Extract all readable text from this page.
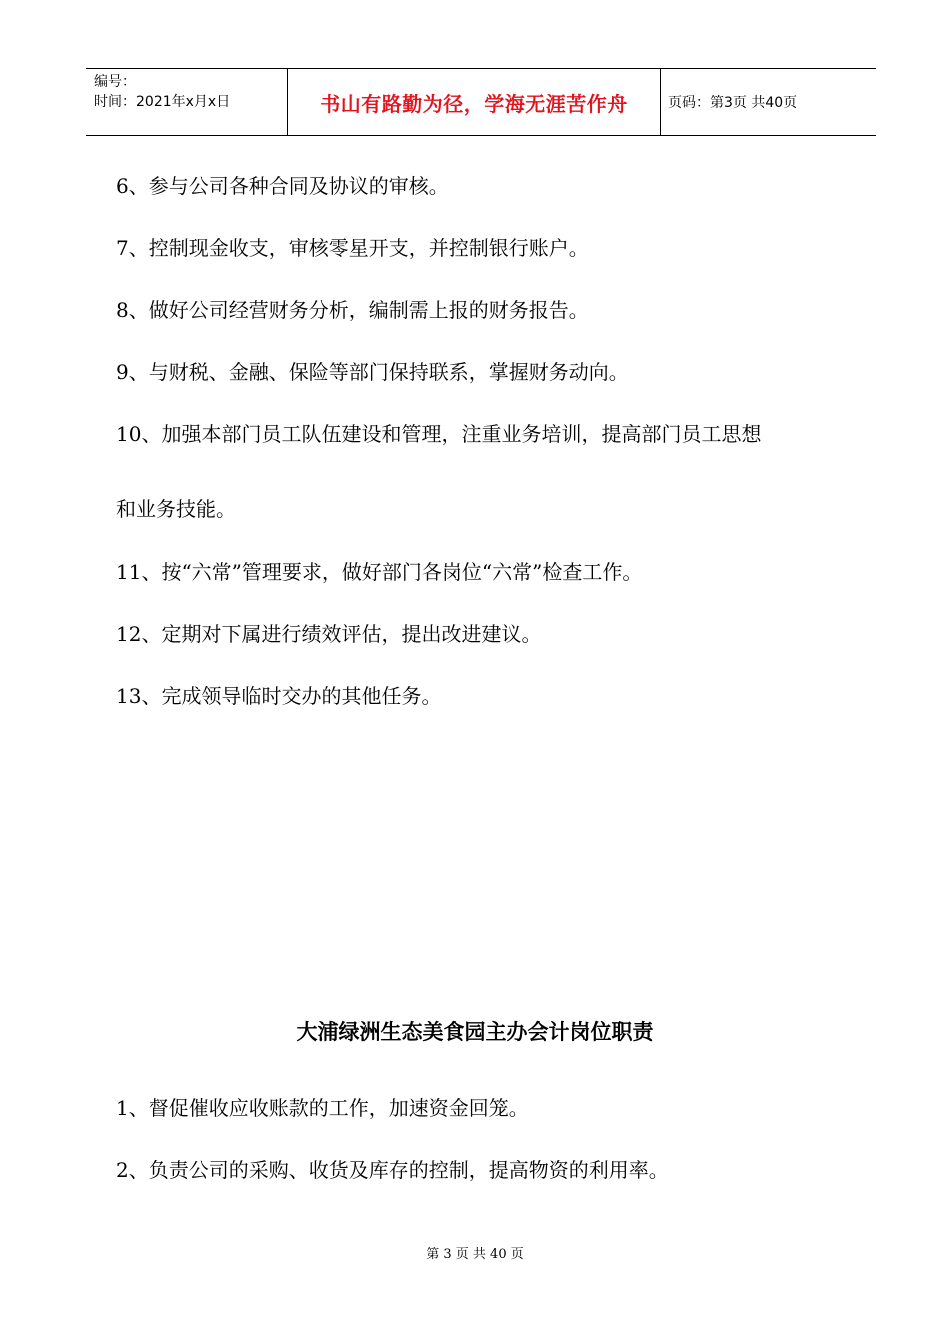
编号：
时间：2021年x月x日	书山有路勤为径，学海无涯苦作舟	页码：第3页 共40页
6、参与公司各种合同及协议的审核。
7、控制现金收支，审核零星开支，并控制银行账户。
8、做好公司经营财务分析，编制需上报的财务报告。
9、与财税、金融、保险等部门保持联系，掌握财务动向。
10、加强本部门员工队伍建设和管理，注重业务培训，提高部门员工思想
和业务技能。
11、按“六常”管理要求，做好部门各岗位“六常”检查工作。
12、定期对下属进行绩效评估，提出改进建议。
13、完成领导临时交办的其他任务。
大浦绿洲生态美食园主办会计岗位职责
1、督促催收应收账款的工作，加速资金回笼。
2、负责公司的采购、收货及库存的控制，提高物资的利用率。
第 3 页 共 40 页
